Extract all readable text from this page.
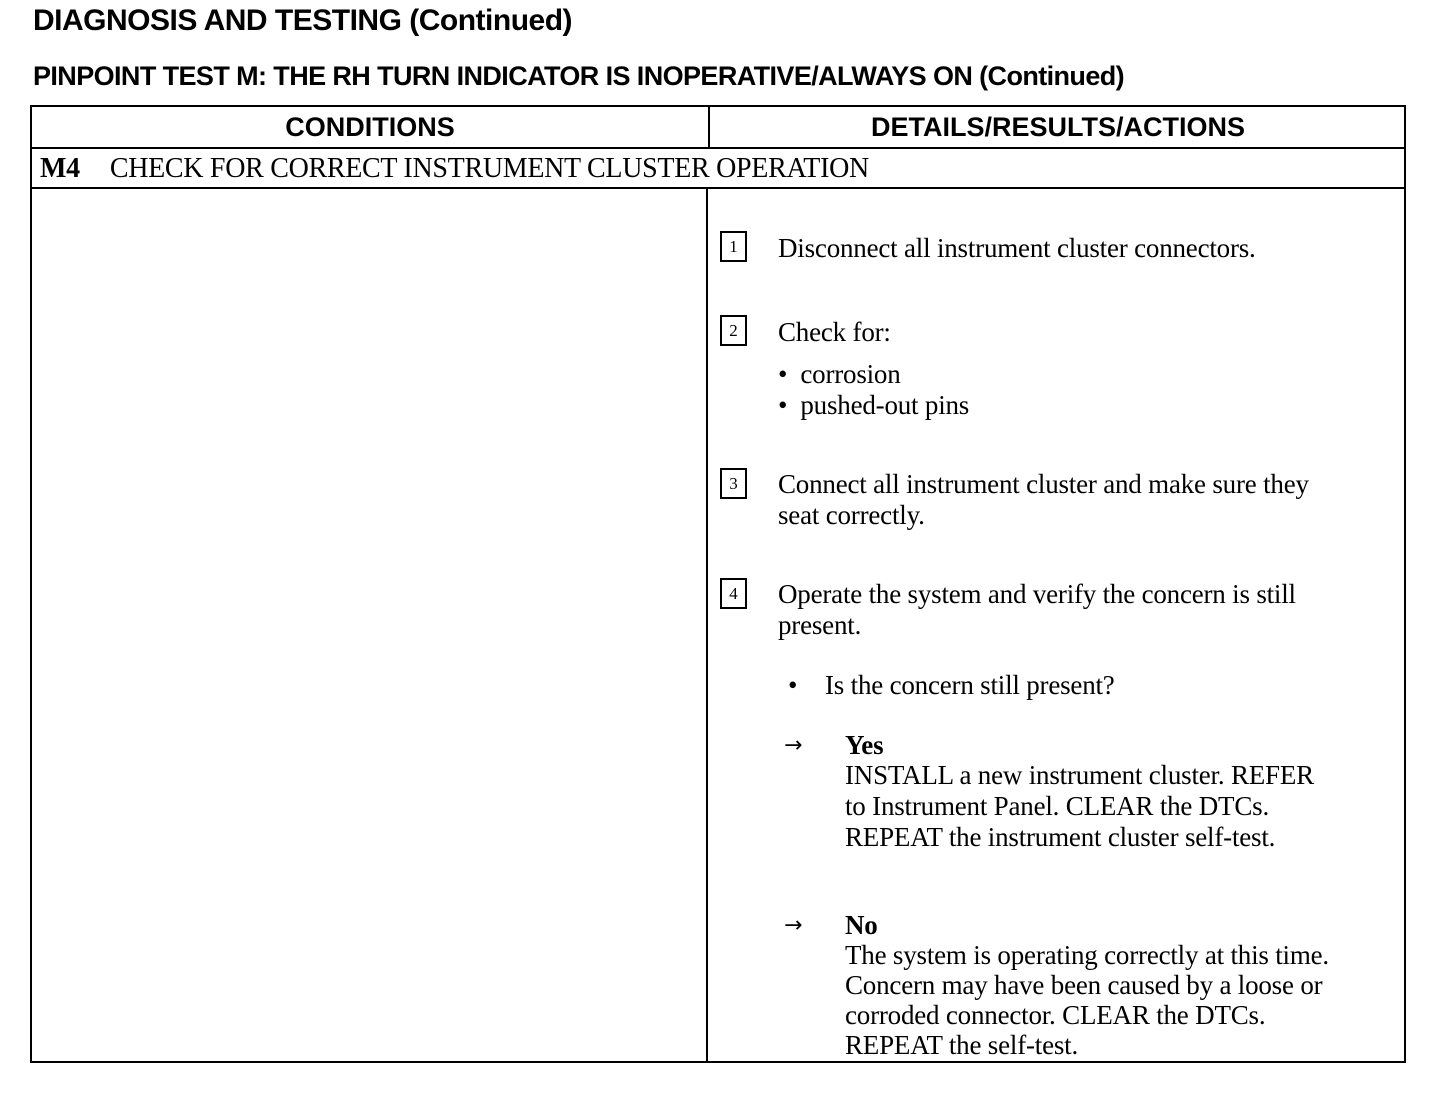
DIAGNOSIS AND TESTING (Continued)
PINPOINT TEST M: THE RH TURN INDICATOR IS INOPERATIVE/ALWAYS ON (Continued)
CONDITIONS	DETAILS/RESULTS/ACTIONS
M4 CHECK FOR CORRECT INSTRUMENT CLUSTER OPERATION
1	Disconnect all instrument cluster connectors.
2	Check for:
•  corrosion
•  pushed-out pins
3	Connect all instrument cluster and make sure they
seat correctly.
4	Operate the system and verify the concern is still
present.
• Is the concern still present?
→ Yes
INSTALL a new instrument cluster. REFER
to Instrument Panel. CLEAR the DTCs.
REPEAT the instrument cluster self-test.
→ No
The system is operating correctly at this time.
Concern may have been caused by a loose or
corroded connector. CLEAR the DTCs.
REPEAT the self-test.
